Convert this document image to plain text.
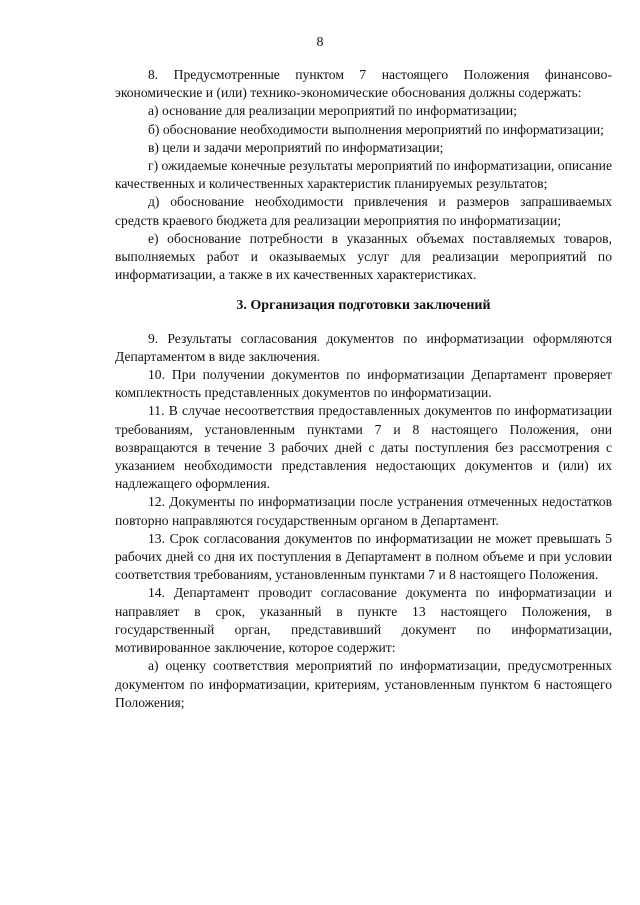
8

8. Предусмотренные пунктом 7 настоящего Положения финансово-экономические и (или) технико-экономические обоснования должны содержать:

а) основание для реализации мероприятий по информатизации;

б) обоснование необходимости выполнения мероприятий по информатизации;

в) цели и задачи мероприятий по информатизации;

г) ожидаемые конечные результаты мероприятий по информатизации, описание качественных и количественных характеристик планируемых результатов;

д) обоснование необходимости привлечения и размеров запрашиваемых средств краевого бюджета для реализации мероприятия по информатизации;

е) обоснование потребности в указанных объемах поставляемых товаров, выполняемых работ и оказываемых услуг для реализации мероприятий по информатизации, а также в их качественных характеристиках.

3. Организация подготовки заключений

9. Результаты согласования документов по информатизации оформляются Департаментом в виде заключения.

10. При получении документов по информатизации Департамент проверяет комплектность представленных документов по информатизации.

11. В случае несоответствия предоставленных документов по информатизации требованиям, установленным пунктами 7 и 8 настоящего Положения, они возвращаются в течение 3 рабочих дней с даты поступления без рассмотрения с указанием необходимости представления недостающих документов и (или) их надлежащего оформления.

12. Документы по информатизации после устранения отмеченных недостатков повторно направляются государственным органом в Департамент.

13. Срок согласования документов по информатизации не может превышать 5 рабочих дней со дня их поступления в Департамент в полном объеме и при условии соответствия требованиям, установленным пунктами 7 и 8 настоящего Положения.

14. Департамент проводит согласование документа по информатизации и направляет в срок, указанный в пункте 13 настоящего Положения, в государственный орган, представивший документ по информатизации, мотивированное заключение, которое содержит:

а) оценку соответствия мероприятий по информатизации, предусмотренных документом по информатизации, критериям, установленным пунктом 6 настоящего Положения;
